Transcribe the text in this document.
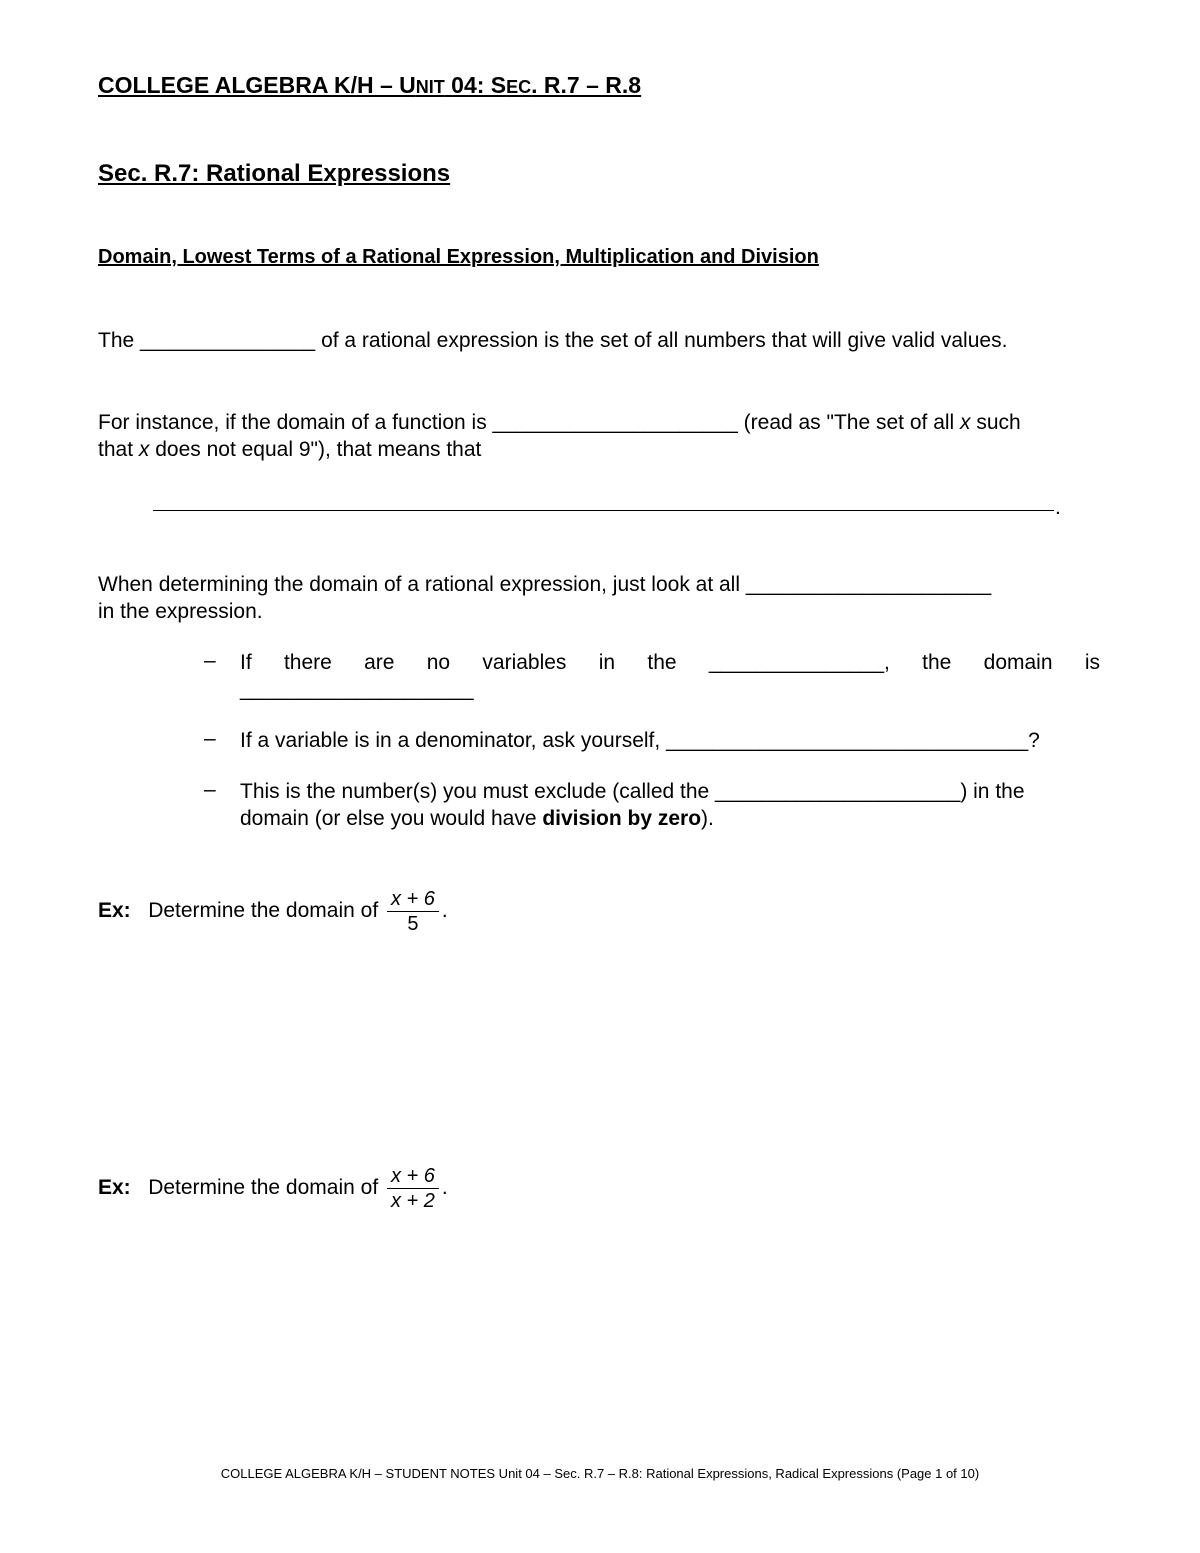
COLLEGE ALGEBRA K/H – UNIT 04: SEC. R.7 – R.8
Sec. R.7: Rational Expressions
Domain, Lowest Terms of a Rational Expression, Multiplication and Division
The _______________ of a rational expression is the set of all numbers that will give valid values.
For instance, if the domain of a function is _____________________ (read as "The set of all x such
that x does not equal 9"), that means that
.
When determining the domain of a rational expression, just look at all _____________________
in the expression.
– If there are no variables in the _______________, the domain is
____________________
– If a variable is in a denominator, ask yourself, _______________________________?
– This is the number(s) you must exclude (called the _____________________) in the
domain (or else you would have division by zero).
Ex: Determine the domain of $\frac{x + 6}{5}$ .
Ex: Determine the domain of $\frac{x + 6}{x + 2}$ .
COLLEGE ALGEBRA K/H – STUDENT NOTES Unit 04 – Sec. R.7 – R.8: Rational Expressions, Radical Expressions (Page 1 of 10)
